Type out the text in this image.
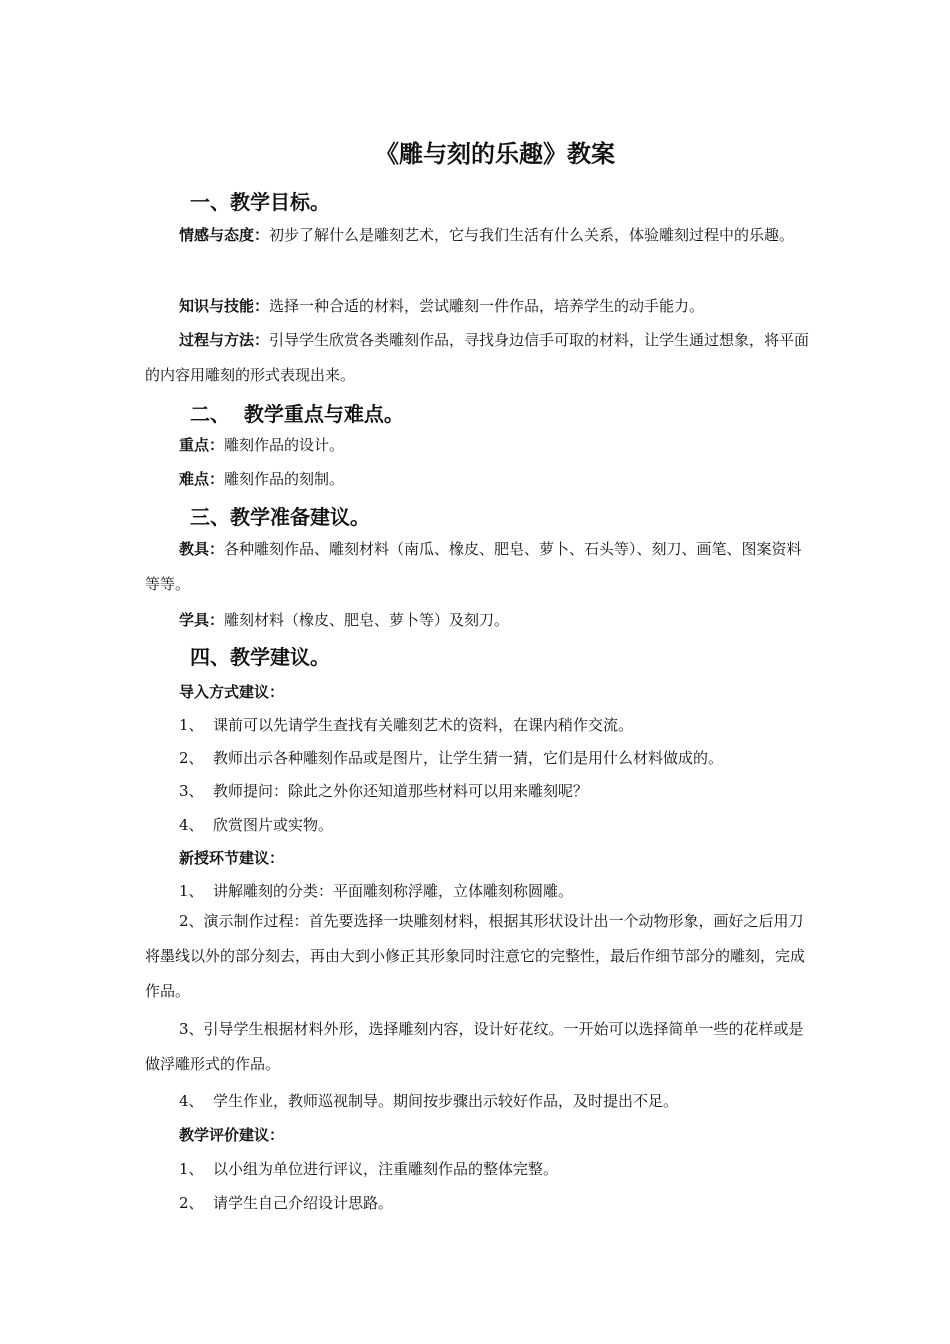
《雕与刻的乐趣》教案
一、教学目标。
情感与态度：初步了解什么是雕刻艺术，它与我们生活有什么关系，体验雕刻过程中的乐趣。
知识与技能：选择一种合适的材料，尝试雕刻一件作品，培养学生的动手能力。
过程与方法：引导学生欣赏各类雕刻作品，寻找身边信手可取的材料，让学生通过想象，将平面的内容用雕刻的形式表现出来。
二、  教学重点与难点。
重点：雕刻作品的设计。
难点：雕刻作品的刻制。
三、教学准备建议。
教具：各种雕刻作品、雕刻材料（南瓜、橡皮、肥皂、萝卜、石头等）、刻刀、画笔、图案资料等等。
学具：雕刻材料（橡皮、肥皂、萝卜等）及刻刀。
四、教学建议。
导入方式建议：
1、 课前可以先请学生查找有关雕刻艺术的资料，在课内稍作交流。
2、 教师出示各种雕刻作品或是图片，让学生猜一猜，它们是用什么材料做成的。
3、 教师提问：除此之外你还知道那些材料可以用来雕刻呢？
4、 欣赏图片或实物。
新授环节建议：
1、 讲解雕刻的分类：平面雕刻称浮雕，立体雕刻称圆雕。
2、演示制作过程：首先要选择一块雕刻材料，根据其形状设计出一个动物形象，画好之后用刀将墨线以外的部分刻去，再由大到小修正其形象同时注意它的完整性，最后作细节部分的雕刻，完成作品。
3、引导学生根据材料外形，选择雕刻内容，设计好花纹。一开始可以选择简单一些的花样或是做浮雕形式的作品。
4、 学生作业，教师巡视制导。期间按步骤出示较好作品，及时提出不足。
教学评价建议：
1、 以小组为单位进行评议，注重雕刻作品的整体完整。
2、 请学生自己介绍设计思路。
